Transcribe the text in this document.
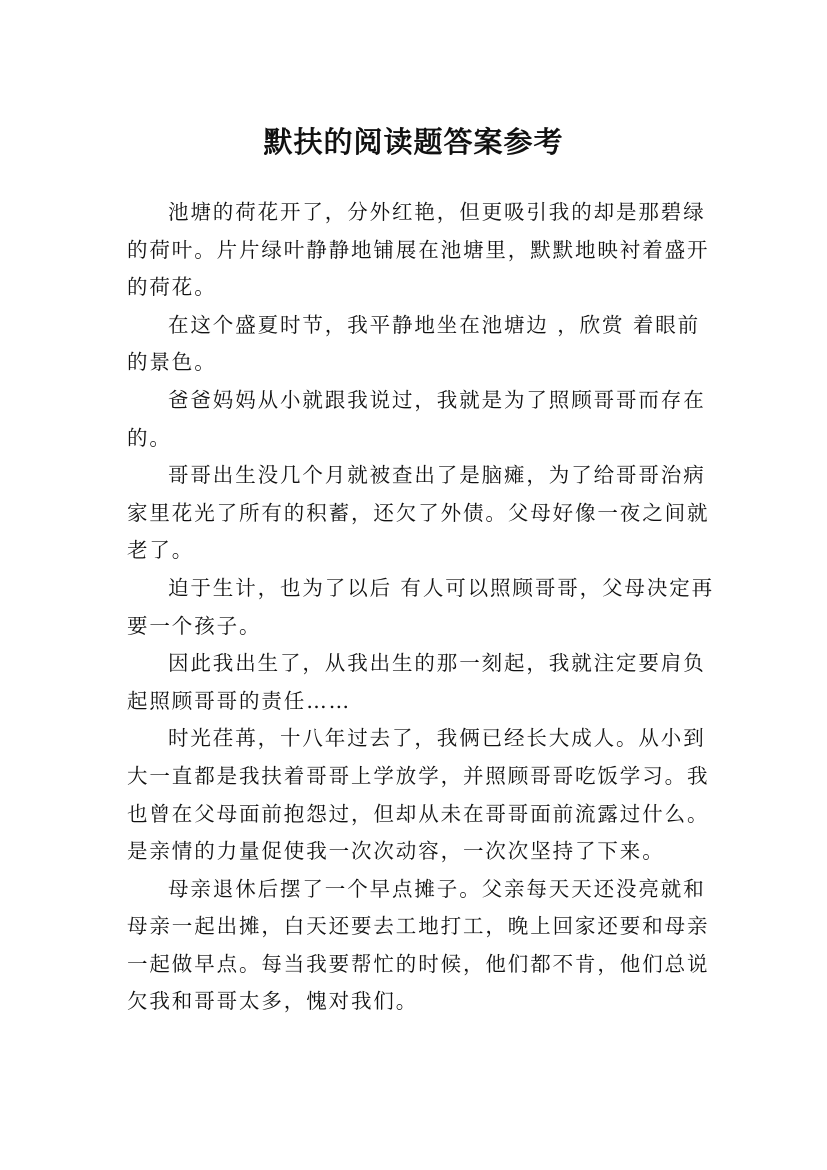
默扶的阅读题答案参考

池塘的荷花开了，分外红艳，但更吸引我的却是那碧绿的荷叶。片片绿叶静静地铺展在池塘里，默默地映衬着盛开的荷花。

在这个盛夏时节，我平静地坐在池塘边 ，欣赏 着眼前的景色。

爸爸妈妈从小就跟我说过，我就是为了照顾哥哥而存在的。

哥哥出生没几个月就被查出了是脑瘫，为了给哥哥治病家里花光了所有的积蓄，还欠了外债。父母好像一夜之间就老了。

迫于生计，也为了以后 有人可以照顾哥哥，父母决定再要一个孩子。

因此我出生了，从我出生的那一刻起，我就注定要肩负起照顾哥哥的责任……

时光荏苒，十八年过去了，我俩已经长大成人。从小到大一直都是我扶着哥哥上学放学，并照顾哥哥吃饭学习。我也曾在父母面前抱怨过，但却从未在哥哥面前流露过什么。是亲情的力量促使我一次次动容，一次次坚持了下来。

母亲退休后摆了一个早点摊子。父亲每天天还没亮就和母亲一起出摊，白天还要去工地打工，晚上回家还要和母亲一起做早点。每当我要帮忙的时候，他们都不肯，他们总说欠我和哥哥太多，愧对我们。
